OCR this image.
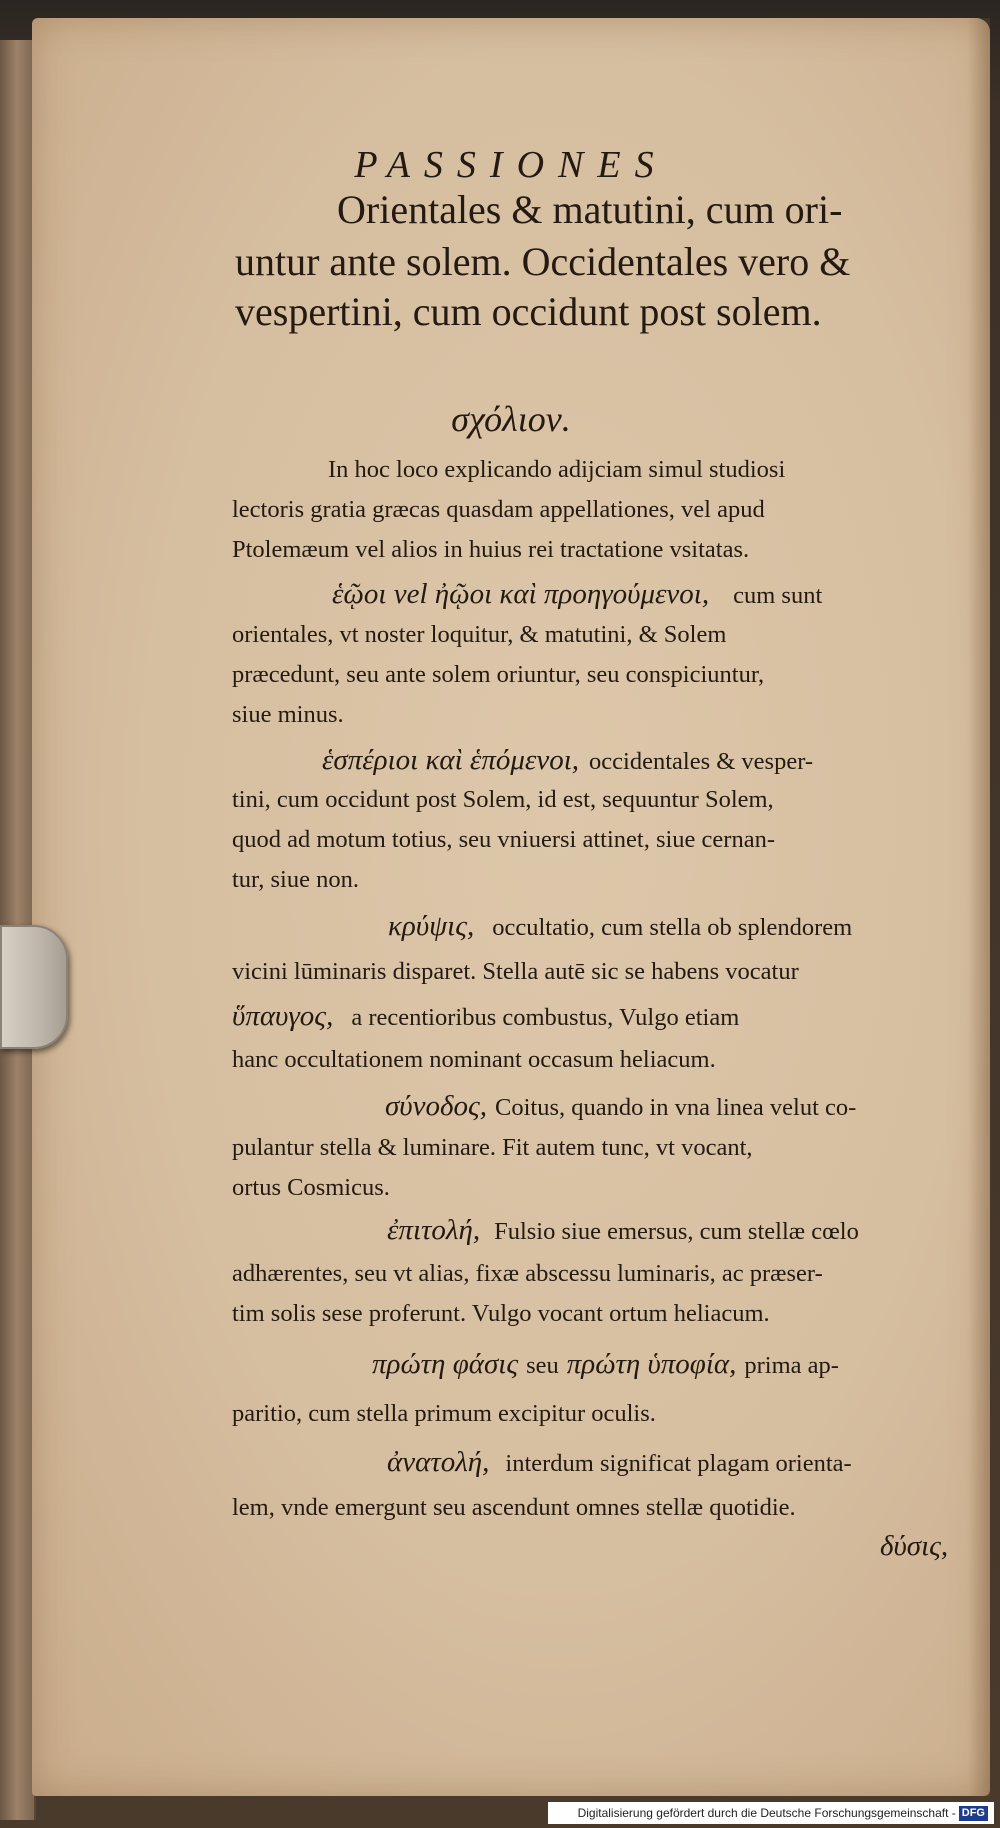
PASSIONES
Orientales & matutini, cum ori-
untur ante solem. Occidentales vero &
vespertini, cum occidunt post solem.
σχόλιον.
In hoc loco explicando adijciam simul studiosi
lectoris gratia græcas quasdam appellationes, vel apud
Ptolemæum vel alios in huius rei tractatione vsitatas.
ἑῷοι vel ἠῷοι καὶ προηγούμενοι, cum sunt
orientales, vt noster loquitur, & matutini, & Solem
præcedunt, seu ante solem oriuntur, seu conspiciuntur,
siue minus.
ἑσπέριοι καὶ ἑπόμενοι, occidentales & vesper-
tini, cum occidunt post Solem, id est, sequuntur Solem,
quod ad motum totius, seu vniuersi attinet, siue cernan-
tur, siue non.
κρύψις, occultatio, cum stella ob splendorem
vicini lūminaris disparet. Stella autē sic se habens vocatur
ὕπαυγος, a recentioribus combustus, Vulgo etiam
hanc occultationem nominant occasum heliacum.
σύνοδος, Coitus, quando in vna linea velut co-
pulantur stella & luminare. Fit autem tunc, vt vocant,
ortus Cosmicus.
ἐπιτολή, Fulsio siue emersus, cum stellæ cœlo
adhærentes, seu vt alias, fixæ abscessu luminaris, ac præser-
tim solis sese proferunt. Vulgo vocant ortum heliacum.
πρώτη φάσις seu πρώτη ὑποφία, prima ap-
paritio, cum stella primum excipitur oculis.
ἀνατολή, interdum significat plagam orienta-
lem, vnde emergunt seu ascendunt omnes stellæ quotidie.
δύσις,
Digitalisierung gefördert durch die Deutsche Forschungsgemeinschaft - DFG
